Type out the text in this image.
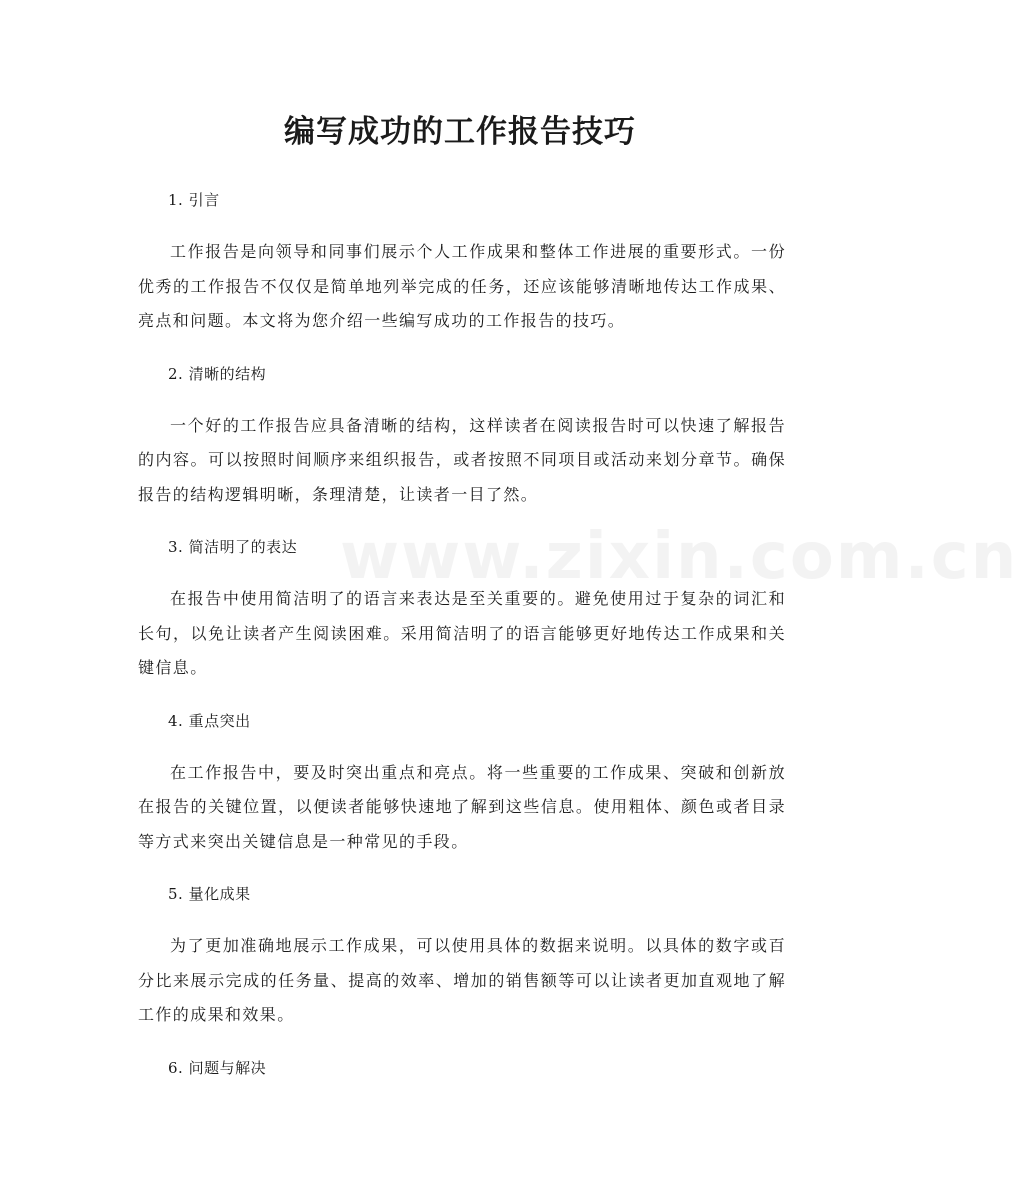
编写成功的工作报告技巧
www.zixin.com.cn

1. 引言

工作报告是向领导和同事们展示个人工作成果和整体工作进展的重要形式。一份优秀的工作报告不仅仅是简单地列举完成的任务，还应该能够清晰地传达工作成果、亮点和问题。本文将为您介绍一些编写成功的工作报告的技巧。

2. 清晰的结构

一个好的工作报告应具备清晰的结构，这样读者在阅读报告时可以快速了解报告的内容。可以按照时间顺序来组织报告，或者按照不同项目或活动来划分章节。确保报告的结构逻辑明晰，条理清楚，让读者一目了然。

3. 简洁明了的表达

在报告中使用简洁明了的语言来表达是至关重要的。避免使用过于复杂的词汇和长句，以免让读者产生阅读困难。采用简洁明了的语言能够更好地传达工作成果和关键信息。

4. 重点突出

在工作报告中，要及时突出重点和亮点。将一些重要的工作成果、突破和创新放在报告的关键位置，以便读者能够快速地了解到这些信息。使用粗体、颜色或者目录等方式来突出关键信息是一种常见的手段。

5. 量化成果

为了更加准确地展示工作成果，可以使用具体的数据来说明。以具体的数字或百分比来展示完成的任务量、提高的效率、增加的销售额等可以让读者更加直观地了解工作的成果和效果。

6. 问题与解决
